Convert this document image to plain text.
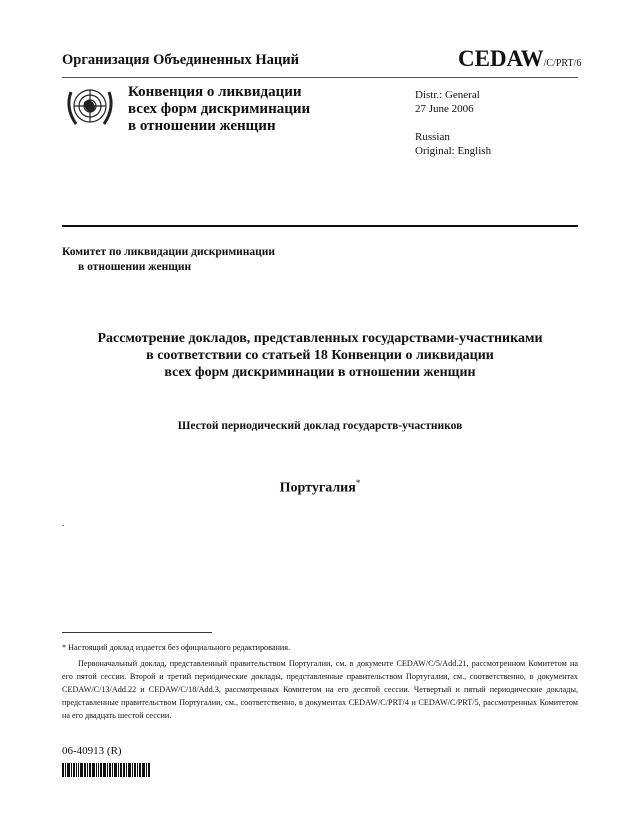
Организация Объединенных Наций	CEDAW/C/PRT/6
Конвенция о ликвидации
всех форм дискриминации
в отношении женщин
Distr.: General
27 June 2006
Russian
Original: English
Комитет по ликвидации дискриминации
в отношении женщин
Рассмотрение докладов, представленных государствами-участниками
в соответствии со статьей 18 Конвенции о ликвидации
всех форм дискриминации в отношении женщин
Шестой периодический доклад государств-участников
Португалия*
.
* Настоящий доклад издается без официального редактирования.
Первоначальный доклад, представленный правительством Португалии, см. в документе CEDAW/C/5/Add.21, рассмотренном Комитетом на его пятой сессии. Второй и третий периодические доклады, представленные правительством Португалии, см., соответственно, в документах CEDAW/C/13/Add.22 и CEDAW/C/18/Add.3, рассмотренных Комитетом на его десятой сессии. Четвертый и пятый периодические доклады, представленные правительством Португалии, см., соответственно, в документах CEDAW/C/PRT/4 и CEDAW/C/PRT/5, рассмотренных Комитетом на его двадцать шестой сессии.
06-40913 (R)
